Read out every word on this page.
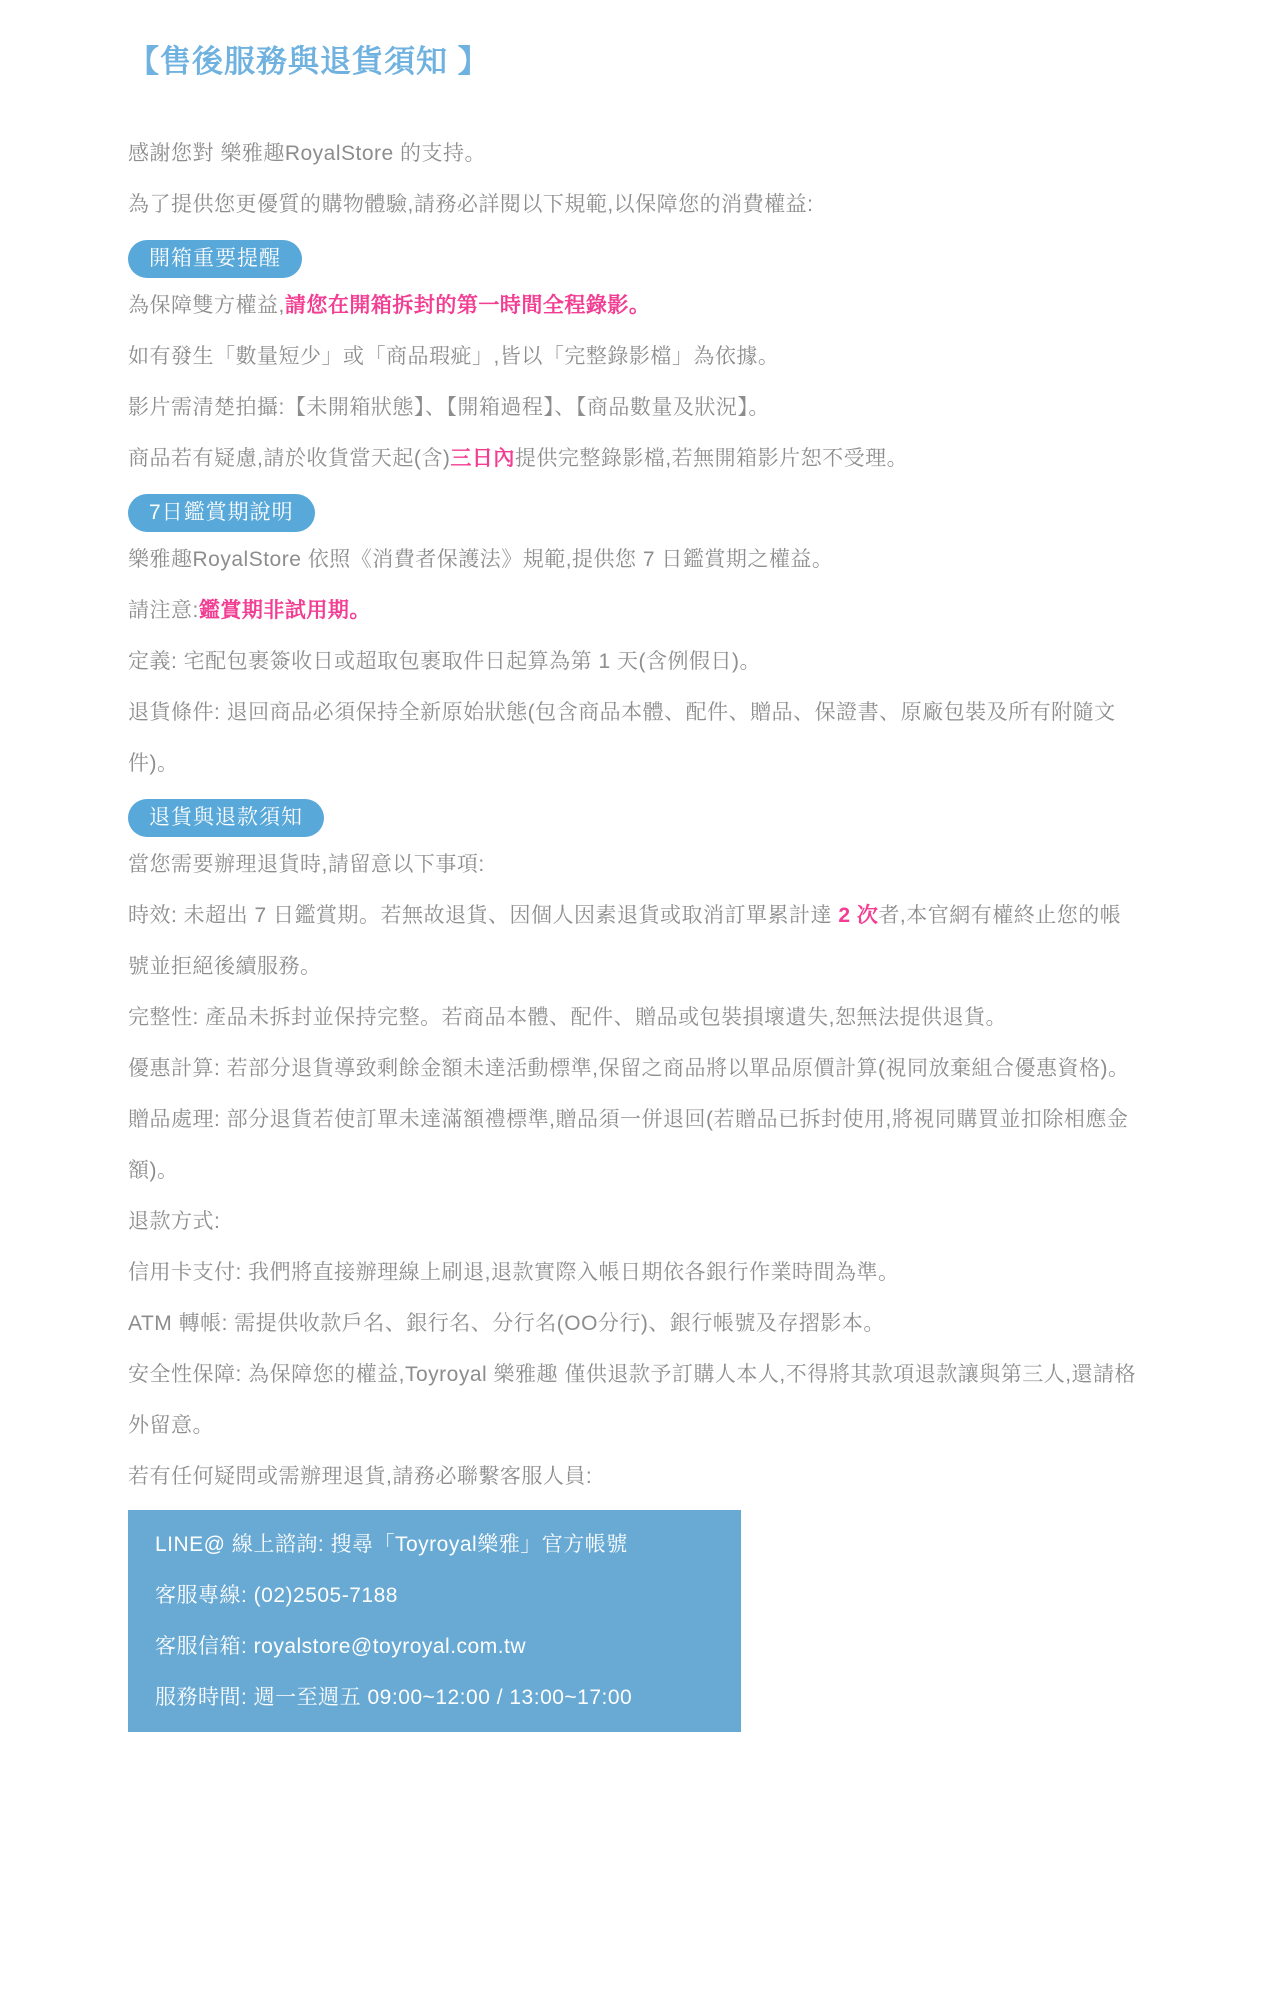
【售後服務與退貨須知 】

感謝您對 樂雅趣RoyalStore 的支持。

為了提供您更優質的購物體驗,請務必詳閱以下規範,以保障您的消費權益:

開箱重要提醒

為保障雙方權益,請您在開箱拆封的第一時間全程錄影。

如有發生「數量短少」或「商品瑕疵」,皆以「完整錄影檔」為依據。

影片需清楚拍攝:【未開箱狀態】、【開箱過程】、【商品數量及狀況】。

商品若有疑慮,請於收貨當天起(含)三日內提供完整錄影檔,若無開箱影片恕不受理。

7日鑑賞期說明

樂雅趣RoyalStore 依照《消費者保護法》規範,提供您 7 日鑑賞期之權益。

請注意:鑑賞期非試用期。

定義: 宅配包裹簽收日或超取包裹取件日起算為第 1 天(含例假日)。

退貨條件: 退回商品必須保持全新原始狀態(包含商品本體、配件、贈品、保證書、原廠包裝及所有附隨文件)。

退貨與退款須知

當您需要辦理退貨時,請留意以下事項:

時效: 未超出 7 日鑑賞期。若無故退貨、因個人因素退貨或取消訂單累計達 2 次者,本官網有權終止您的帳號並拒絕後續服務。

完整性: 產品未拆封並保持完整。若商品本體、配件、贈品或包裝損壞遺失,恕無法提供退貨。

優惠計算: 若部分退貨導致剩餘金額未達活動標準,保留之商品將以單品原價計算(視同放棄組合優惠資格)。

贈品處理: 部分退貨若使訂單未達滿額禮標準,贈品須一併退回(若贈品已拆封使用,將視同購買並扣除相應金額)。

退款方式:

信用卡支付: 我們將直接辦理線上刷退,退款實際入帳日期依各銀行作業時間為準。

ATM 轉帳: 需提供收款戶名、銀行名、分行名(OO分行)、銀行帳號及存摺影本。

安全性保障: 為保障您的權益,Toyroyal 樂雅趣 僅供退款予訂購人本人,不得將其款項退款讓與第三人,還請格外留意。

若有任何疑問或需辦理退貨,請務必聯繫客服人員:

LINE@ 線上諮詢: 搜尋「Toyroyal樂雅」官方帳號

客服專線: (02)2505-7188

客服信箱: royalstore@toyroyal.com.tw

服務時間: 週一至週五 09:00~12:00 / 13:00~17:00
